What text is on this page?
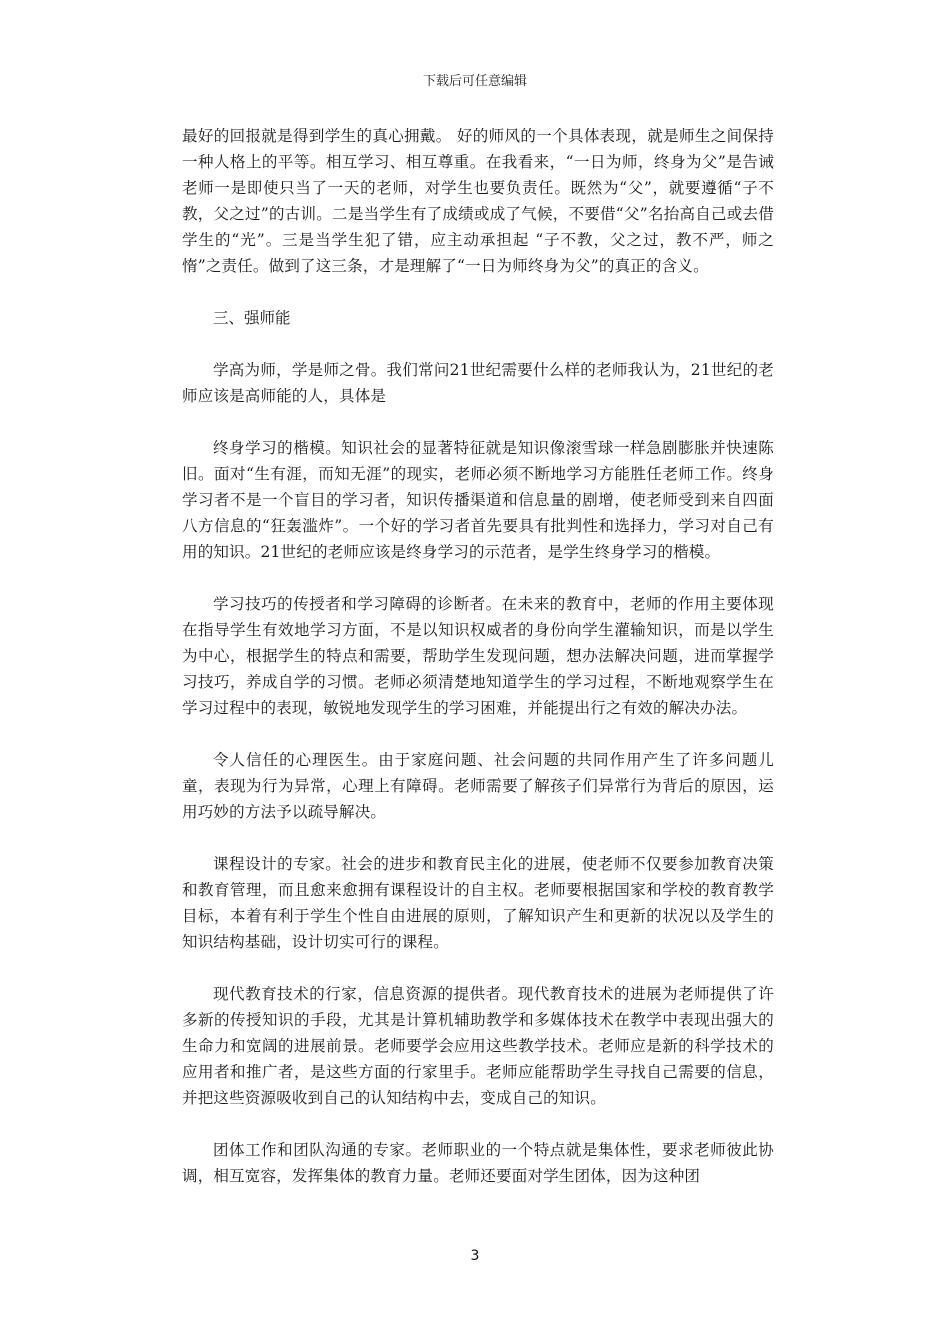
下载后可任意编辑

最好的回报就是得到学生的真心拥戴。 好的师风的一个具体表现，就是师生之间保持一种人格上的平等。相互学习、相互尊重。在我看来，“一日为师，终身为父”是告诫老师一是即使只当了一天的老师，对学生也要负责任。既然为“父”，就要遵循“子不教，父之过”的古训。二是当学生有了成绩或成了气候，不要借“父”名抬高自己或去借学生的“光”。三是当学生犯了错，应主动承担起 “子不教，父之过，教不严，师之惰”之责任。做到了这三条，才是理解了“一日为师终身为父”的真正的含义。

三、强师能

学高为师，学是师之骨。我们常问21世纪需要什么样的老师我认为，21世纪的老师应该是高师能的人，具体是

终身学习的楷模。知识社会的显著特征就是知识像滚雪球一样急剧膨胀并快速陈旧。面对“生有涯，而知无涯”的现实，老师必须不断地学习方能胜任老师工作。终身学习者不是一个盲目的学习者，知识传播渠道和信息量的剧增，使老师受到来自四面八方信息的“狂轰滥炸”。一个好的学习者首先要具有批判性和选择力，学习对自己有用的知识。21世纪的老师应该是终身学习的示范者，是学生终身学习的楷模。

学习技巧的传授者和学习障碍的诊断者。在未来的教育中，老师的作用主要体现在指导学生有效地学习方面，不是以知识权威者的身份向学生灌输知识，而是以学生为中心，根据学生的特点和需要，帮助学生发现问题，想办法解决问题，进而掌握学习技巧，养成自学的习惯。老师必须清楚地知道学生的学习过程，不断地观察学生在学习过程中的表现，敏锐地发现学生的学习困难，并能提出行之有效的解决办法。

令人信任的心理医生。由于家庭问题、社会问题的共同作用产生了许多问题儿童，表现为行为异常，心理上有障碍。老师需要了解孩子们异常行为背后的原因，运用巧妙的方法予以疏导解决。

课程设计的专家。社会的进步和教育民主化的进展，使老师不仅要参加教育决策和教育管理，而且愈来愈拥有课程设计的自主权。老师要根据国家和学校的教育教学目标，本着有利于学生个性自由进展的原则，了解知识产生和更新的状况以及学生的知识结构基础，设计切实可行的课程。

现代教育技术的行家，信息资源的提供者。现代教育技术的进展为老师提供了许多新的传授知识的手段，尤其是计算机辅助教学和多媒体技术在教学中表现出强大的生命力和宽阔的进展前景。老师要学会应用这些教学技术。老师应是新的科学技术的应用者和推广者，是这些方面的行家里手。老师应能帮助学生寻找自己需要的信息，并把这些资源吸收到自己的认知结构中去，变成自己的知识。

团体工作和团队沟通的专家。老师职业的一个特点就是集体性，要求老师彼此协调，相互宽容，发挥集体的教育力量。老师还要面对学生团体，因为这种团

3
